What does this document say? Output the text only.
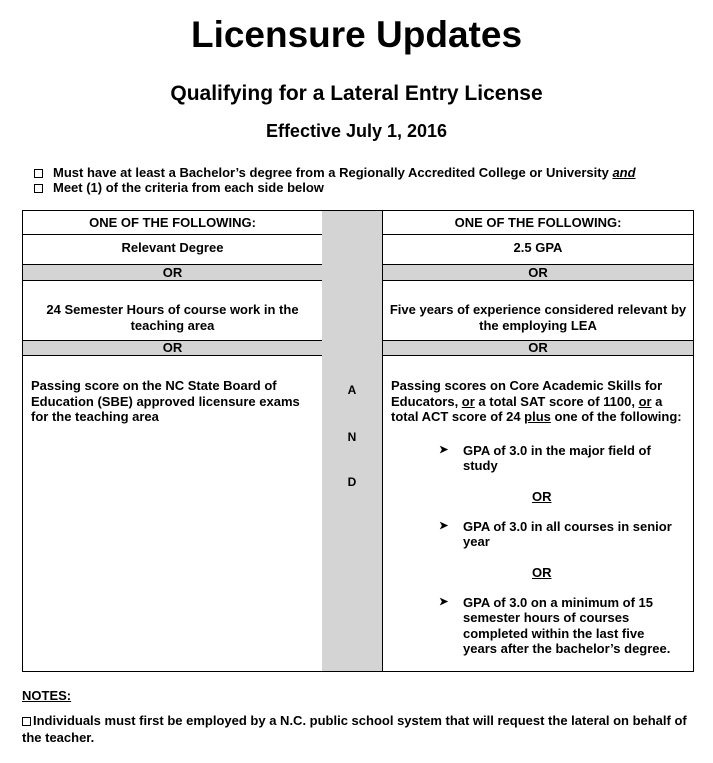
Licensure Updates
Qualifying for a Lateral Entry License
Effective July 1, 2016
Must have at least a Bachelor’s degree from a Regionally Accredited College or University and
Meet (1) of the criteria from each side below
ONE OF THE FOLLOWING:
Relevant Degree
OR
24 Semester Hours of course work in the teaching area
OR
Passing score on the NC State Board of Education (SBE) approved licensure exams for the teaching area
A
N
D
ONE OF THE FOLLOWING:
2.5 GPA
OR
Five years of experience considered relevant by the employing LEA
OR
Passing scores on Core Academic Skills for Educators, or a total SAT score of 1100, or a total ACT score of 24 plus one of the following:
➤ GPA of 3.0 in the major field of study
OR
➤ GPA of 3.0 in all courses in senior year
OR
➤ GPA of 3.0 on a minimum of 15 semester hours of courses completed within the last five years after the bachelor’s degree.
NOTES:
Individuals must first be employed by a N.C. public school system that will request the lateral on behalf of the teacher.
